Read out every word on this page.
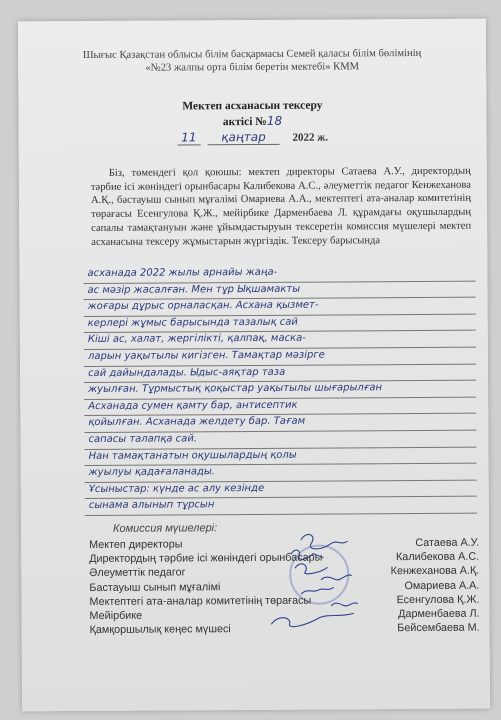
Шығыс Қазақстан облысы білім басқармасы Семей қаласы білім бөлімінің
«№23 жалпы орта білім беретін мектебі» КММ
Мектеп асханасын тексеру
актісі №18
11 қаңтар 2022 ж.
Біз, төмендегі қол қоюшы: мектеп директоры Сатаева А.У., директордың тәрбие ісі жөніндегі орынбасары Калибекова А.С., әлеуметтік педагог Кенжеханова А.Қ., бастауыш сынып мұғалімі Омариева А.А., мектептегі ата-аналар комитетінің төрағасы Есенгулова Қ.Ж., мейірбике Дарменбаева Л. құрамдағы оқушылардың сапалы тамақтануын және ұйымдастыруын тексеретін комиссия мүшелері мектеп асханасына тексеру жұмыстарын жүргіздік. Тексеру барысында
асханада 2022 жылы арнайы жаңа-
ас мәзір жасалған. Мен тұр Ықшамакты
жоғары дұрыс орналасқан. Асхана қызмет-
керлері жұмыс барысында тазалық сай
Кіші ас, халат, жергілікті, қалпақ, маска-
ларын уақытылы кигізген. Тамақтар мәзірге
сай дайындалады. Ыдыс-аяқтар таза
жуылған. Тұрмыстық қоқыстар уақытылы шығарылған
Асханада сумен қамту бар, антисептик
қойылған. Асханада желдету бар. Тағам
сапасы талапқа сай.
Нан тамақтанатын оқушылардың қолы
жуылуы қадағаланады.
Ұсыныстар: күнде ас алу кезінде
сынама алынып тұрсын
Комиссия мүшелері:
Мектеп директоры	Сатаева А.У.
Директордың тәрбие ісі жөніндегі орынбасары	Калибекова А.С.
Әлеуметтік педагог	Кенжеханова А.Қ.
Бастауыш сынып мұғалімі	Омариева А.А.
Мектептегі ата-аналар комитетінің төрағасы	Есенгулова Қ.Ж.
Мейірбике	Дарменбаева Л.
Қамқоршылық кеңес мүшесі	Бейсембаева М.
